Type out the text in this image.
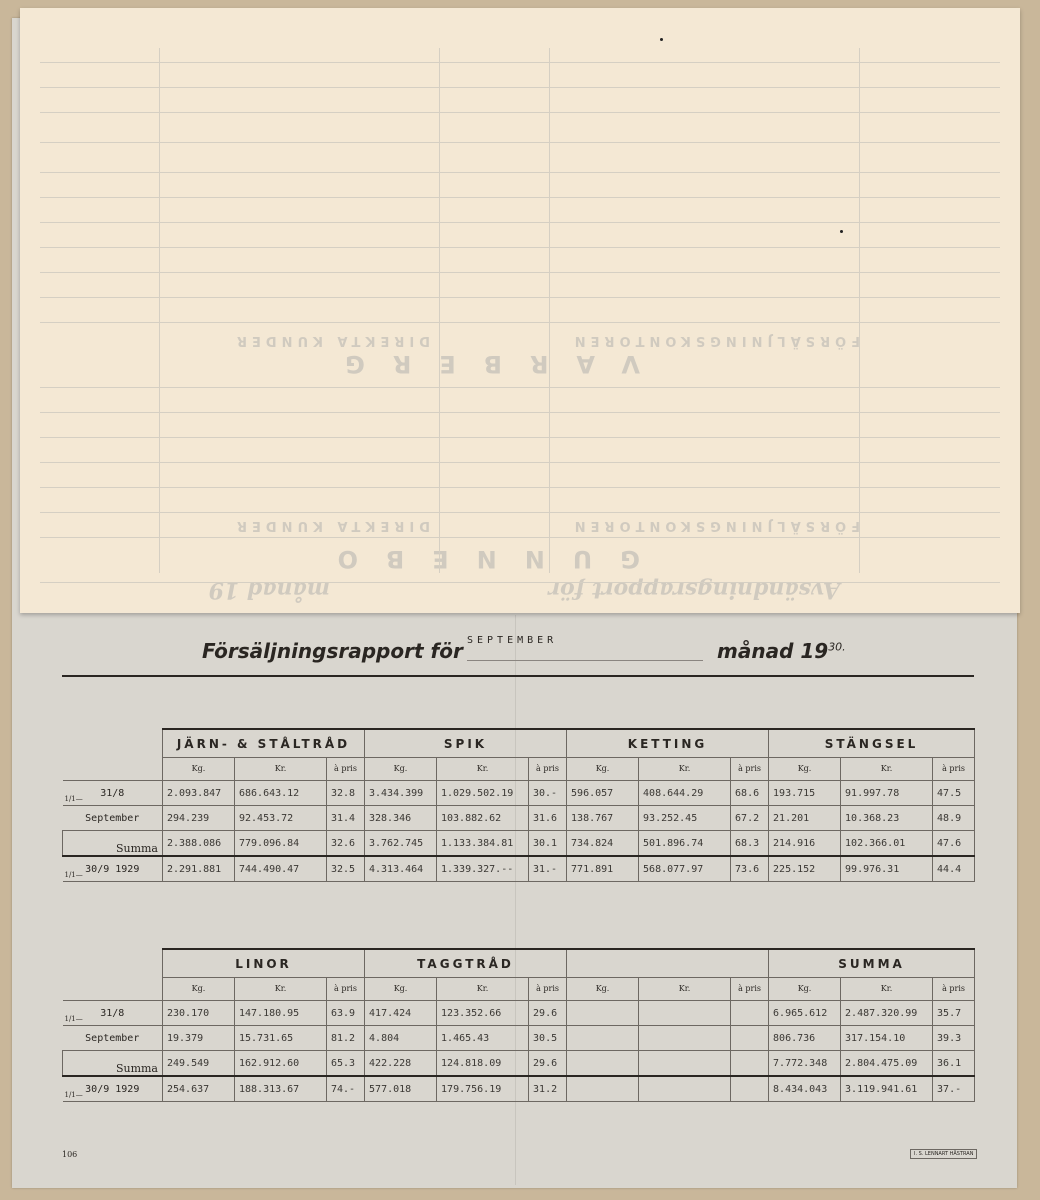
Avsändningsrapport för
månad 19
GUNNEBO
FÖRSÄLJNINGSKONTOREN
DIREKTA KUNDER
VARBERG
FÖRSÄLJNINGSKONTOREN
DIREKTA KUNDER
Försäljningsrapport för SEPTEMBER	månad $19^{30.}$
	JÄRN- & STÅLTRÅD			SPIK			KETTING			STÄNGSEL		
	Kg.	Kr.	à pris	Kg.	Kr.	à pris	Kg.	Kr.	à pris	Kg.	Kr.	à pris

1/1—
31/8	2.093.847	686.643.12	32.8	3.434.399	1.029.502.19	30.-	596.057	408.644.29	68.6	193.715	91.997.78	47.5
September	294.239	92.453.72	31.4	328.346	103.882.62	31.6	138.767	93.252.45	67.2	21.201	10.368.23	48.9
Summa	2.388.086	779.096.84	32.6	3.762.745	1.133.384.81	30.1	734.824	501.896.74	68.3	214.916	102.366.01	47.6

1/1—
30/9 1929	2.291.881	744.490.47	32.5	4.313.464	1.339.327.--	31.-	771.891	568.077.97	73.6	225.152	99.976.31	44.4
	LINOR			TAGGTRÅD						SUMMA		
	Kg.	Kr.	à pris	Kg.	Kr.	à pris	Kg.	Kr.	à pris	Kg.	Kr.	à pris

1/1—
31/8	230.170	147.180.95	63.9	417.424	123.352.66	29.6				6.965.612	2.487.320.99	35.7
September	19.379	15.731.65	81.2	4.804	1.465.43	30.5				806.736	317.154.10	39.3
Summa	249.549	162.912.60	65.3	422.228	124.818.09	29.6				7.772.348	2.804.475.09	36.1

1/1—
30/9 1929	254.637	188.313.67	74.-	577.018	179.756.19	31.2				8.434.043	3.119.941.61	37.-
106	I. S. LENNART HÄSTRAN
